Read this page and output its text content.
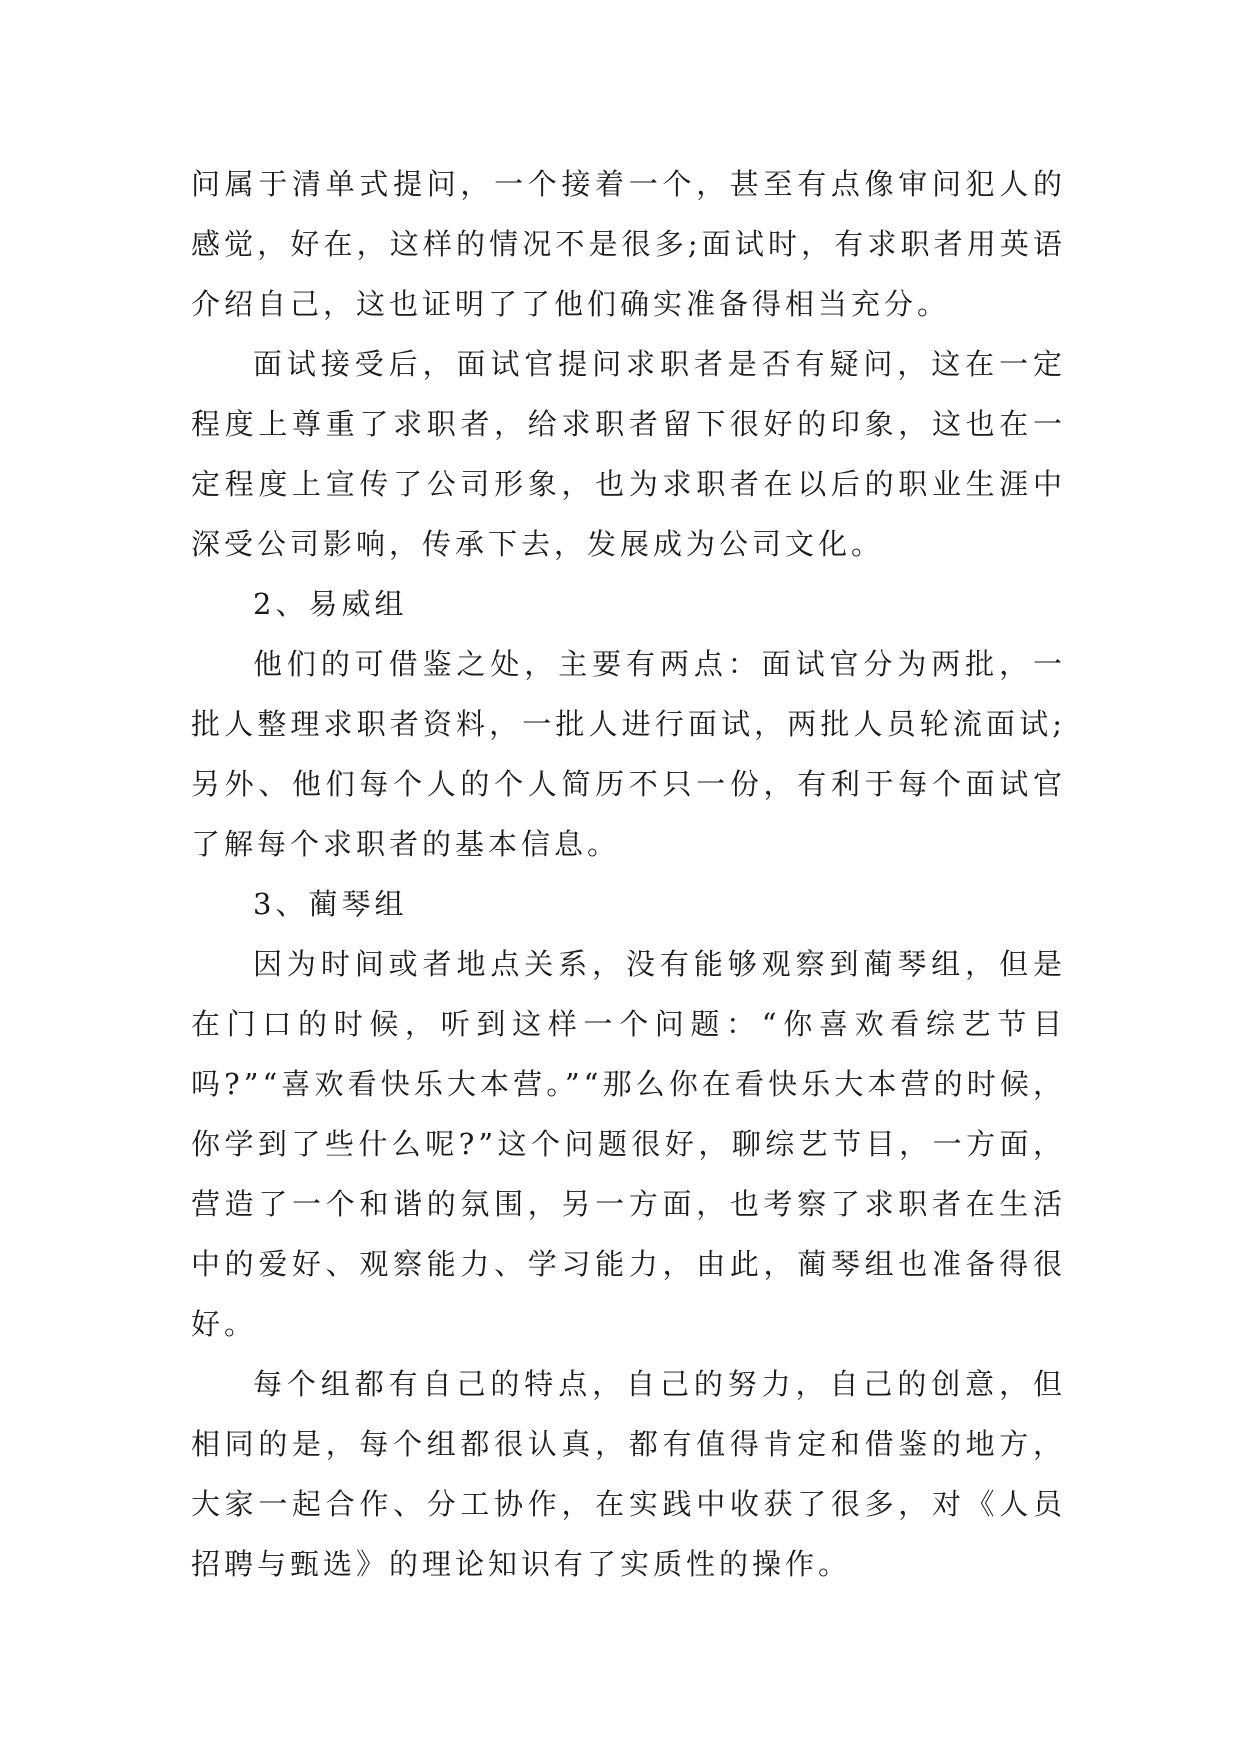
问属于清单式提问，一个接着一个，甚至有点像审问犯人的感觉，好在，这样的情况不是很多;面试时，有求职者用英语介绍自己，这也证明了了他们确实准备得相当充分。

面试接受后，面试官提问求职者是否有疑问，这在一定程度上尊重了求职者，给求职者留下很好的印象，这也在一定程度上宣传了公司形象，也为求职者在以后的职业生涯中深受公司影响，传承下去，发展成为公司文化。

2、易威组

他们的可借鉴之处，主要有两点：面试官分为两批，一批人整理求职者资料，一批人进行面试，两批人员轮流面试;另外、他们每个人的个人简历不只一份，有利于每个面试官了解每个求职者的基本信息。

3、蔺琴组

因为时间或者地点关系，没有能够观察到蔺琴组，但是在门口的时候，听到这样一个问题：“你喜欢看综艺节目吗?”“喜欢看快乐大本营。”“那么你在看快乐大本营的时候，你学到了些什么呢?”这个问题很好，聊综艺节目，一方面，营造了一个和谐的氛围，另一方面，也考察了求职者在生活中的爱好、观察能力、学习能力，由此，蔺琴组也准备得很好。

每个组都有自己的特点，自己的努力，自己的创意，但相同的是，每个组都很认真，都有值得肯定和借鉴的地方，大家一起合作、分工协作，在实践中收获了很多，对《人员招聘与甄选》的理论知识有了实质性的操作。
